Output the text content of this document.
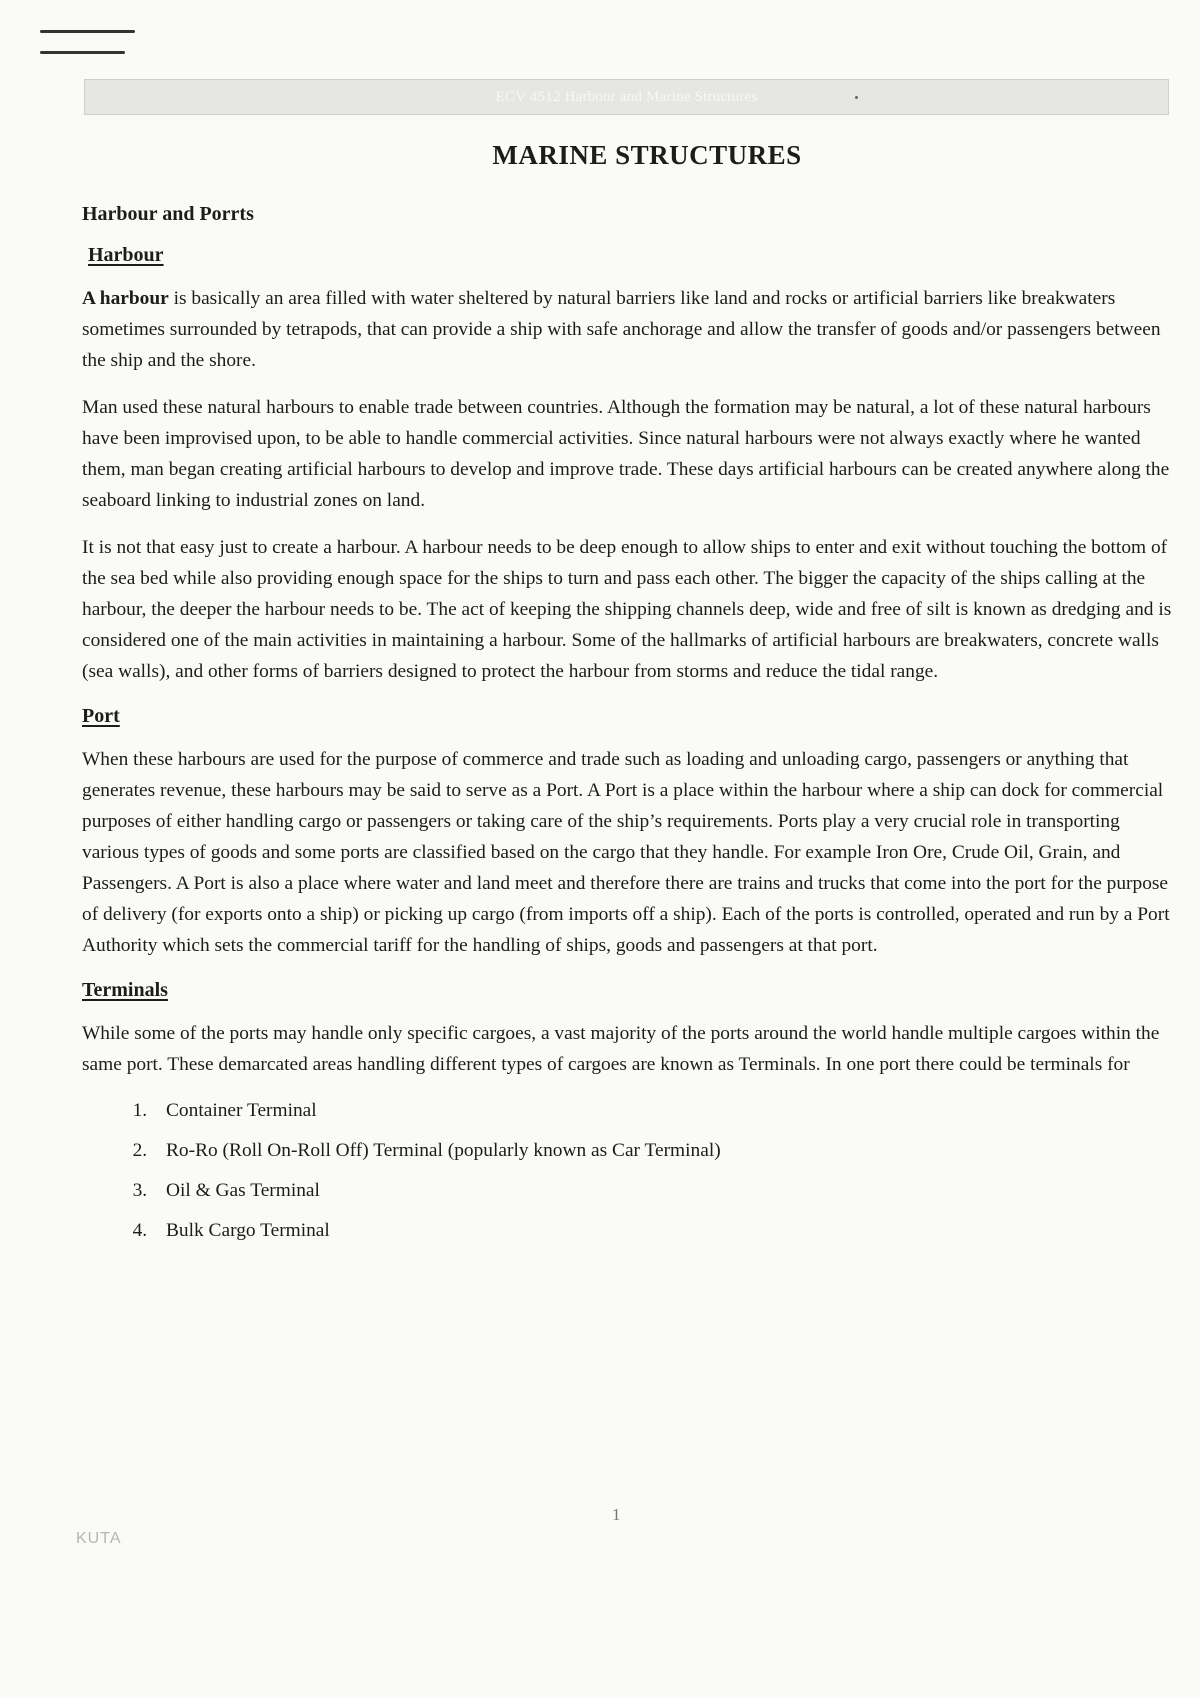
ECV 4512 Harbour and Marine Structures
MARINE STRUCTURES
Harbour and Porrts
Harbour

A harbour is basically an area filled with water sheltered by natural barriers like land and rocks or artificial barriers like breakwaters sometimes surrounded by tetrapods, that can provide a ship with safe anchorage and allow the transfer of goods and/or passengers between the ship and the shore.

Man used these natural harbours to enable trade between countries. Although the formation may be natural, a lot of these natural harbours have been improvised upon, to be able to handle commercial activities. Since natural harbours were not always exactly where he wanted them, man began creating artificial harbours to develop and improve trade. These days artificial harbours can be created anywhere along the seaboard linking to industrial zones on land.

It is not that easy just to create a harbour. A harbour needs to be deep enough to allow ships to enter and exit without touching the bottom of the sea bed while also providing enough space for the ships to turn and pass each other. The bigger the capacity of the ships calling at the harbour, the deeper the harbour needs to be. The act of keeping the shipping channels deep, wide and free of silt is known as dredging and is considered one of the main activities in maintaining a harbour. Some of the hallmarks of artificial harbours are breakwaters, concrete walls (sea walls), and other forms of barriers designed to protect the harbour from storms and reduce the tidal range.

Port

When these harbours are used for the purpose of commerce and trade such as loading and unloading cargo, passengers or anything that generates revenue, these harbours may be said to serve as a Port. A Port is a place within the harbour where a ship can dock for commercial purposes of either handling cargo or passengers or taking care of the ship’s requirements. Ports play a very crucial role in transporting various types of goods and some ports are classified based on the cargo that they handle. For example Iron Ore, Crude Oil, Grain, and Passengers. A Port is also a place where water and land meet and therefore there are trains and trucks that come into the port for the purpose of delivery (for exports onto a ship) or picking up cargo (from imports off a ship). Each of the ports is controlled, operated and run by a Port Authority which sets the commercial tariff for the handling of ships, goods and passengers at that port.

Terminals

While some of the ports may handle only specific cargoes, a vast majority of the ports around the world handle multiple cargoes within the same port. These demarcated areas handling different types of cargoes are known as Terminals. In one port there could be terminals for

1. Container Terminal
2. Ro-Ro (Roll On-Roll Off) Terminal (popularly known as Car Terminal)
3. Oil & Gas Terminal
4. Bulk Cargo Terminal
1
KUTA
